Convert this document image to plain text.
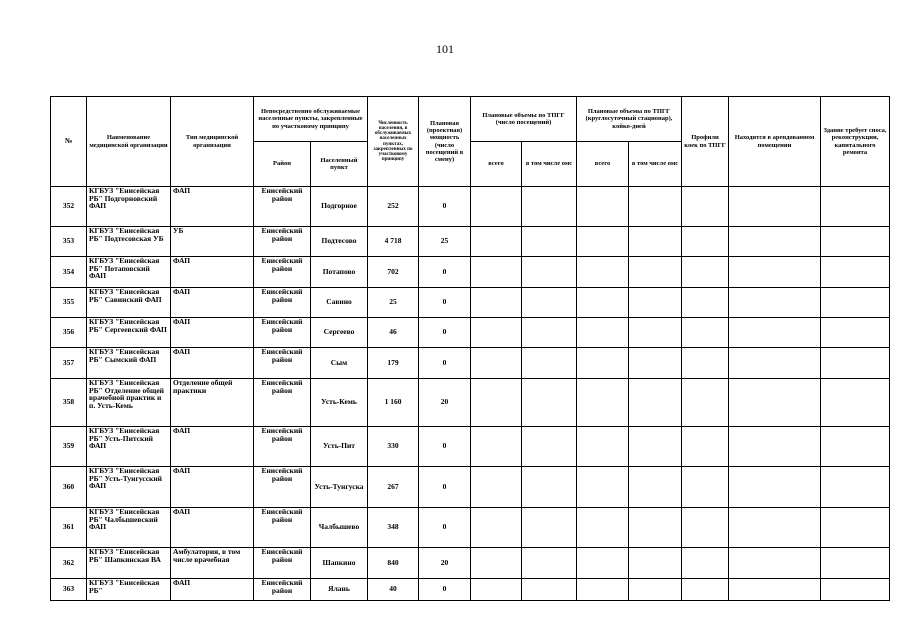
101
№	Наименование медицинской организации	Тип медицинской организации	Непосредственно обслуживаемые населенные пункты, закрепленные по участковому принципу		Численность населения, в обслуживаемых населенных пунктах, закрепленных по участковому принципу	Плановая (проектная) мощность (число посещений в смену)	Плановые объемы по ТПГГ (число посещений)		Плановые объемы по ТПГГ (круглосуточный стационар), койко-дней		Профили коек по ТПГГ	Находится в арендованном помещении	Здание требует сноса, реконструкции, капитального ремонта
			Район	Населенный пункт			всего	в том числе омс	всего	в том числе омс			
352	КГБУЗ "Енисейская РБ" Подгорновский ФАП	ФАП	Енисейский район	Подгорное	252	0							
353	КГБУЗ "Енисейская РБ" Подтесовская УБ	УБ	Енисейский район	Подтесово	4 718	25							
354	КГБУЗ "Енисейская РБ" Потаповский ФАП	ФАП	Енисейский район	Потапово	702	0							
355	КГБУЗ "Енисейская РБ" Савинский ФАП	ФАП	Енисейский район	Савино	25	0							
356	КГБУЗ "Енисейская РБ" Сергеевский ФАП	ФАП	Енисейский район	Сергеево	46	0							
357	КГБУЗ "Енисейская РБ" Сымский ФАП	ФАП	Енисейский район	Сым	179	0							
358	КГБУЗ "Енисейская РБ" Отделение общей врачебной практик и п. Усть-Кемь	Отделение общей практики	Енисейский район	Усть-Кемь	1 160	20							
359	КГБУЗ "Енисейская РБ" Усть-Питский ФАП	ФАП	Енисейский район	Усть-Пит	330	0							
360	КГБУЗ "Енисейская РБ" Усть-Тунгусский ФАП	ФАП	Енисейский район	Усть-Тунгуска	267	0							
361	КГБУЗ "Енисейская РБ" Чалбышевский ФАП	ФАП	Енисейский район	Чалбышево	348	0							
362	КГБУЗ "Енисейская РБ" Шапкинская ВА	Амбулатория, в том числе врачебная	Енисейский район	Шапкино	840	20							
363	КГБУЗ "Енисейская РБ"	ФАП	Енисейский район	Ялань	40	0							
